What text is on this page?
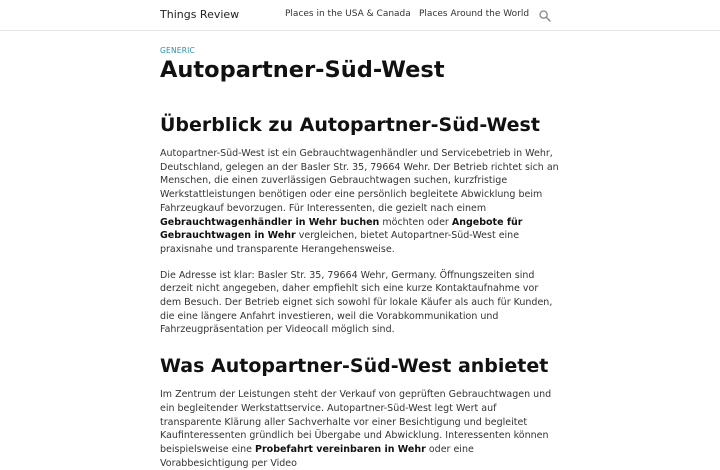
Things Review	Places in the USA & Canada Places Around the World
GENERIC
Autopartner-Süd-West
Überblick zu Autopartner-Süd-West

Autopartner-Süd-West ist ein Gebrauchtwagenhändler und Servicebetrieb in Wehr, Deutschland, gelegen an der Basler Str. 35, 79664 Wehr. Der Betrieb richtet sich an Menschen, die einen zuverlässigen Gebrauchtwagen suchen, kurzfristige Werkstattleistungen benötigen oder eine persönlich begleitete Abwicklung beim Fahrzeugkauf bevorzugen. Für Interessenten, die gezielt nach einem Gebrauchtwagenhändler in Wehr buchen möchten oder Angebote für Gebrauchtwagen in Wehr vergleichen, bietet Autopartner-Süd-West eine praxisnahe und transparente Herangehensweise.

Die Adresse ist klar: Basler Str. 35, 79664 Wehr, Germany. Öffnungszeiten sind derzeit nicht angegeben, daher empfiehlt sich eine kurze Kontaktaufnahme vor dem Besuch. Der Betrieb eignet sich sowohl für lokale Käufer als auch für Kunden, die eine längere Anfahrt investieren, weil die Vorabkommunikation und Fahrzeugpräsentation per Videocall möglich sind.

Was Autopartner-Süd-West anbietet

Im Zentrum der Leistungen steht der Verkauf von geprüften Gebrauchtwagen und ein begleitender Werkstattservice. Autopartner-Süd-West legt Wert auf transparente Klärung aller Sachverhalte vor einer Besichtigung und begleitet Kaufinteressenten gründlich bei Übergabe und Abwicklung. Interessenten können beispielsweise eine Probefahrt vereinbaren in Wehr oder eine Vorabbesichtigung per Video
